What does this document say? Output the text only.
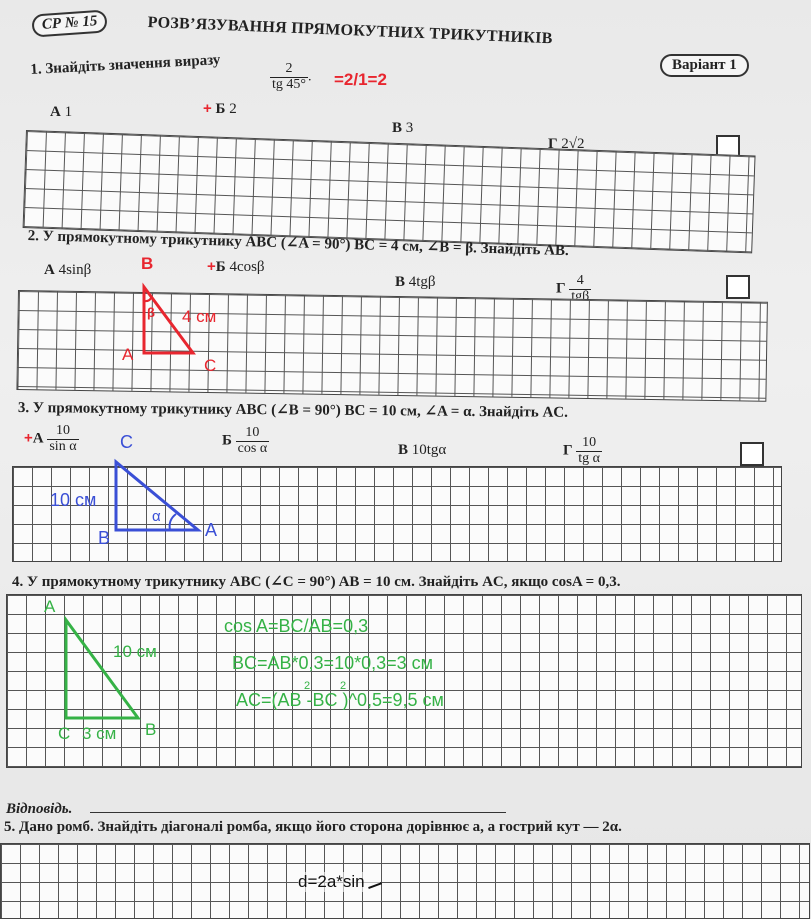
СР № 15	РОЗВ’ЯЗУВАННЯ ПРЯМОКУТНИХ ТРИКУТНИКІВ
Варіант 1
1. Знайдіть значення виразу	$\frac{2}{tg 45^\circ}$ . =2/1=2
А 1	+ Б 2
В 3
Г 2√2
2. У прямокутному трикутнику ABC (∠A = 90°) BC = 4 см, ∠B = β. Знайдіть AB.
А 4sinβ	+Б 4cosβ
В 4tgβ	Г $\frac{4}{\text{tgβ}}$
B
β 4 см
A
C
3. У прямокутному трикутнику ABC (∠B = 90°) BC = 10 см, ∠A = α. Знайдіть AC.
$+А \frac{10}{\text{sin α}}$	Б $\frac{10}{\text{cos α}}$	В 10tgα	Г $\frac{10}{\text{tg α}}$
C
10 см
α
B	A
4. У прямокутному трикутнику ABC (∠C = 90°) AB = 10 см. Знайдіть AC, якщо cosA = 0,3.
A
10 см
C 3 см B
cos A=BC/AB=0,3
BC=AB*0,3=10*0,3=3 см
2	2
AC=(AB -BC )^0,5=9,5 см
Відповідь.
5. Дано ромб. Знайдіть діагоналі ромба, якщо його сторона дорівнює a, а гострий кут — 2α.
d=2a*sin
